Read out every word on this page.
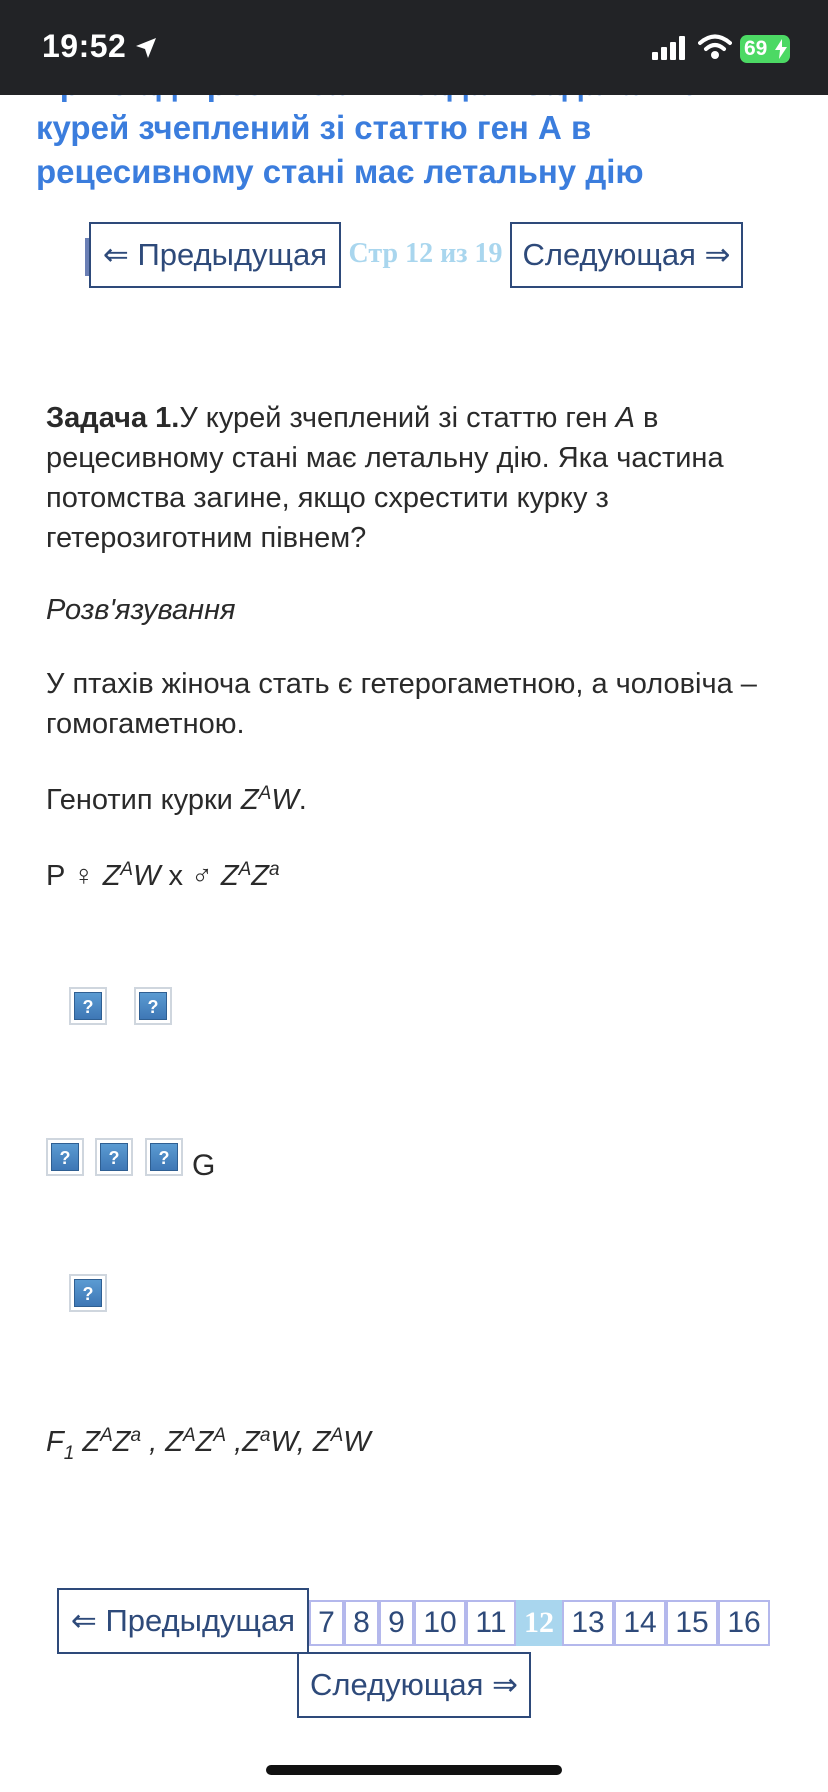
19:52	69
курей зчеплений зі статтю ген А в
рецесивному стані має летальну дію
⇐ Предыдущая Стр 12 из 19 Следующая ⇒

Задача 1.У курей зчеплений зі статтю ген А в рецесивному стані має летальну дію. Яка частина потомства загине, якщо схрестити курку з гетерозиготним півнем?

Розв'язування

У птахів жіноча стать є гетерогаметною, а чоловіча – гомогаметною.

Генотип курки $Z^AW$.

P ♀ $Z^AW$ x ♂ $Z^AZ^a$

$F_1$ $Z^AZ^a$ , $Z^AZ^A$ $,Z^aW$, $Z^AW$

?	?
?	?	? G
?
⇐ Предыдущая 7 8 9 10 11 12 13 14 15 16
Следующая ⇒
